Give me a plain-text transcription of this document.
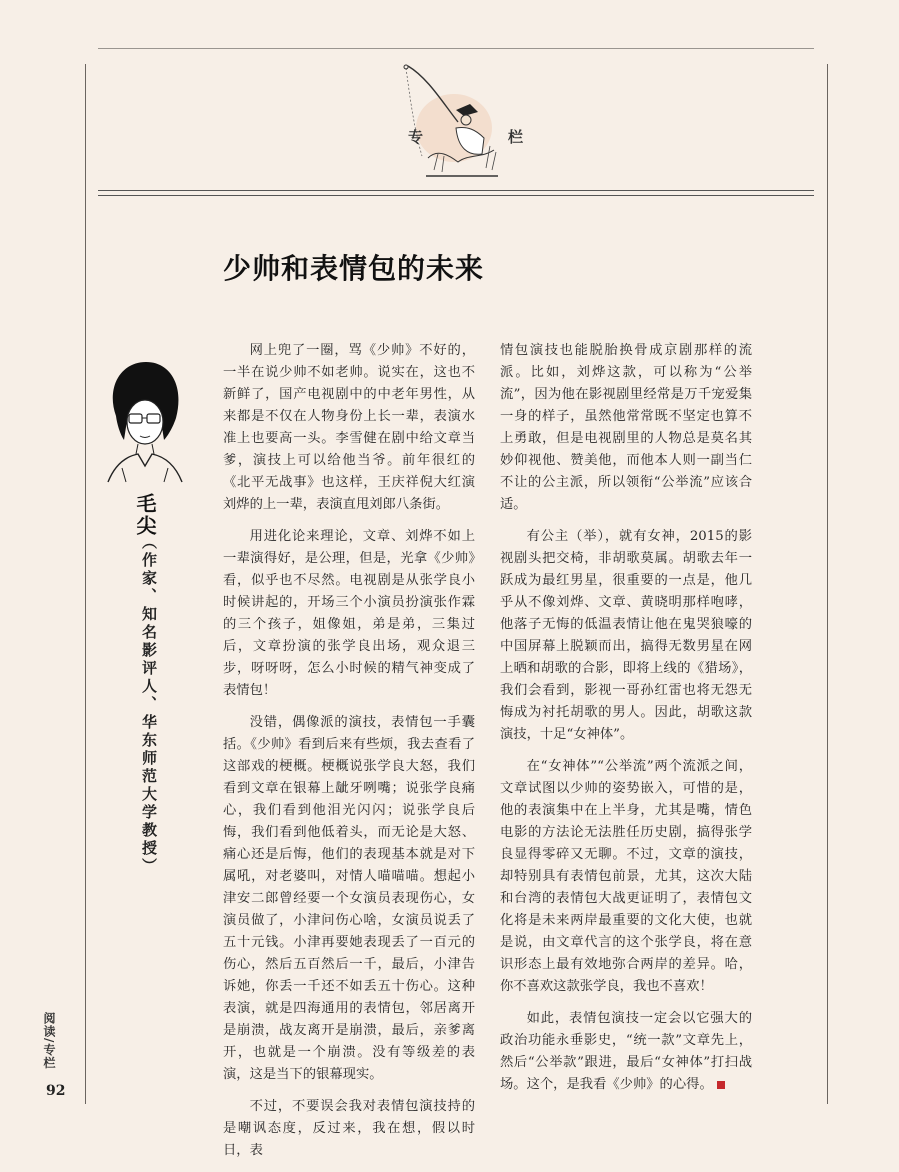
专	栏
少帅和表情包的未来
毛尖
（作家、知名影评人、华东师范大学教授）

网上兜了一圈，骂《少帅》不好的，一半在说少帅不如老帅。说实在，这也不新鲜了，国产电视剧中的中老年男性，从来都是不仅在人物身份上长一辈，表演水准上也要高一头。李雪健在剧中给文章当爹，演技上可以给他当爷。前年很红的《北平无战事》也这样，王庆祥倪大红演刘烨的上一辈，表演直甩刘郎八条街。

用进化论来理论，文章、刘烨不如上一辈演得好，是公理，但是，光拿《少帅》看，似乎也不尽然。电视剧是从张学良小时候讲起的，开场三个小演员扮演张作霖的三个孩子，姐像姐，弟是弟，三集过后，文章扮演的张学良出场，观众退三步，呀呀呀，怎么小时候的精气神变成了表情包！

没错，偶像派的演技，表情包一手囊括。《少帅》看到后来有些烦，我去查看了这部戏的梗概。梗概说张学良大怒，我们看到文章在银幕上龇牙咧嘴；说张学良痛心，我们看到他泪光闪闪；说张学良后悔，我们看到他低着头，而无论是大怒、痛心还是后悔，他们的表现基本就是对下属吼，对老婆叫，对情人喵喵喵。想起小津安二郎曾经要一个女演员表现伤心，女演员做了，小津问伤心啥，女演员说丢了五十元钱。小津再要她表现丢了一百元的伤心，然后五百然后一千，最后，小津告诉她，你丢一千还不如丢五十伤心。这种表演，就是四海通用的表情包，邻居离开是崩溃，战友离开是崩溃，最后，亲爹离开，也就是一个崩溃。没有等级差的表演，这是当下的银幕现实。

不过，不要误会我对表情包演技持的是嘲讽态度，反过来，我在想，假以时日，表

情包演技也能脱胎换骨成京剧那样的流派。比如，刘烨这款，可以称为“公举流”，因为他在影视剧里经常是万千宠爱集一身的样子，虽然他常常既不坚定也算不上勇敢，但是电视剧里的人物总是莫名其妙仰视他、赞美他，而他本人则一副当仁不让的公主派，所以领衔“公举流”应该合适。

有公主（举），就有女神，2015的影视剧头把交椅，非胡歌莫属。胡歌去年一跃成为最红男星，很重要的一点是，他几乎从不像刘烨、文章、黄晓明那样咆哮，他落子无悔的低温表情让他在鬼哭狼嚎的中国屏幕上脱颖而出，搞得无数男星在网上晒和胡歌的合影，即将上线的《猎场》，我们会看到，影视一哥孙红雷也将无怨无悔成为衬托胡歌的男人。因此，胡歌这款演技，十足“女神体”。

在“女神体”“公举流”两个流派之间，文章试图以少帅的姿势嵌入，可惜的是，他的表演集中在上半身，尤其是嘴，情色电影的方法论无法胜任历史剧，搞得张学良显得零碎又无聊。不过，文章的演技，却特别具有表情包前景，尤其，这次大陆和台湾的表情包大战更证明了，表情包文化将是未来两岸最重要的文化大使，也就是说，由文章代言的这个张学良，将在意识形态上最有效地弥合两岸的差异。哈，你不喜欢这款张学良，我也不喜欢！

如此，表情包演技一定会以它强大的政治功能永垂影史，“统一款”文章先上，然后“公举款”跟进，最后“女神体”打扫战场。这个，是我看《少帅》的心得。

阅读/专栏
92
